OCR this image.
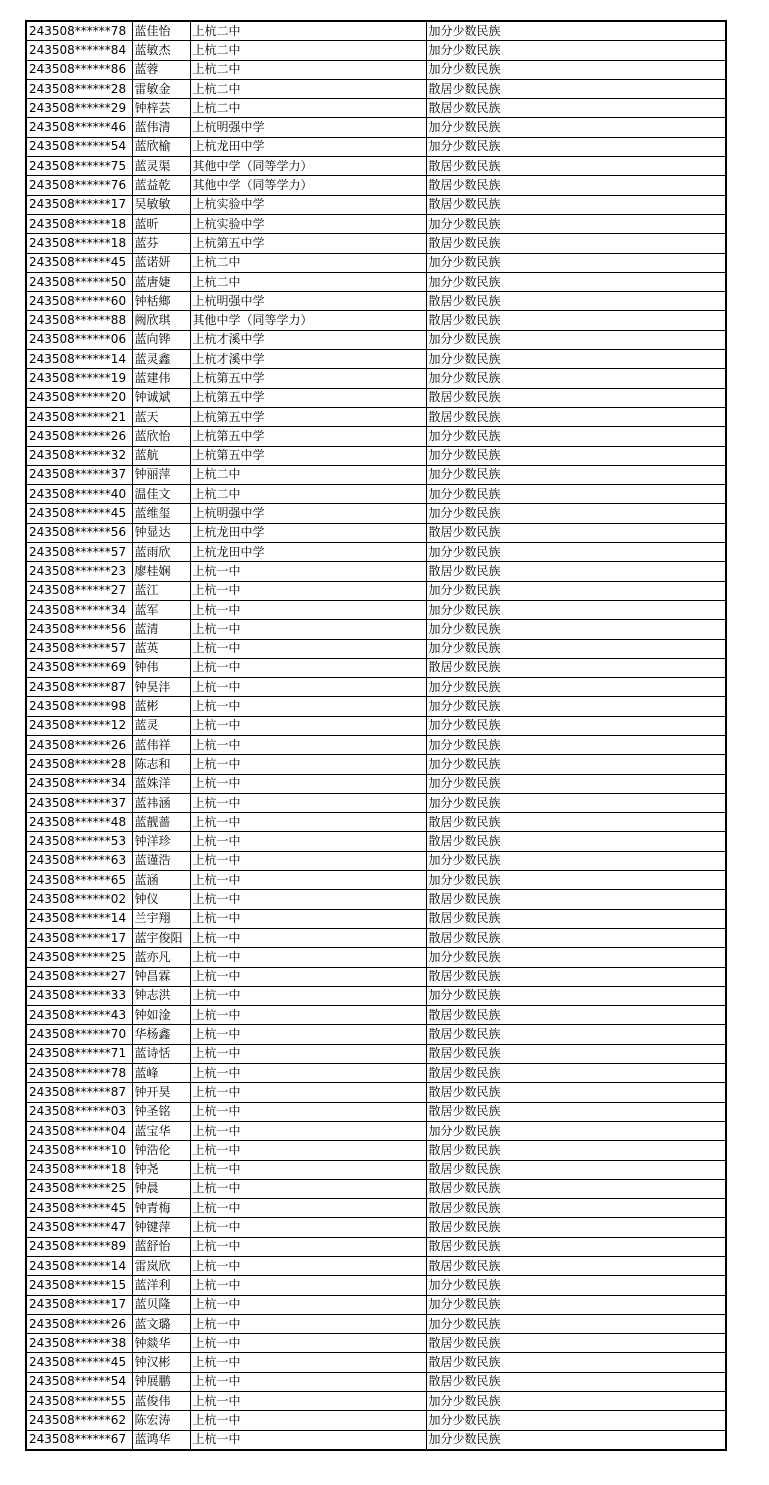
243508******78	蓝佳怡	上杭二中	加分少数民族
243508******84	蓝敏杰	上杭二中	加分少数民族
243508******86	蓝蓉	上杭二中	加分少数民族
243508******28	雷敏金	上杭二中	散居少数民族
243508******29	钟梓芸	上杭二中	散居少数民族
243508******46	蓝伟清	上杭明强中学	加分少数民族
243508******54	蓝欣榆	上杭龙田中学	加分少数民族
243508******75	蓝灵渠	其他中学（同等学力）	散居少数民族
243508******76	蓝益乾	其他中学（同等学力）	散居少数民族
243508******17	吴敏敏	上杭实验中学	散居少数民族
243508******18	蓝昕	上杭实验中学	加分少数民族
243508******18	蓝芬	上杭第五中学	散居少数民族
243508******45	蓝诺妍	上杭二中	加分少数民族
243508******50	蓝唐婕	上杭二中	加分少数民族
243508******60	钟栝鄉	上杭明强中学	散居少数民族
243508******88	阙欣琪	其他中学（同等学力）	散居少数民族
243508******06	蓝向铧	上杭才溪中学	加分少数民族
243508******14	蓝灵鑫	上杭才溪中学	加分少数民族
243508******19	蓝建伟	上杭第五中学	加分少数民族
243508******20	钟诚斌	上杭第五中学	散居少数民族
243508******21	蓝天	上杭第五中学	散居少数民族
243508******26	蓝欣怡	上杭第五中学	加分少数民族
243508******32	蓝航	上杭第五中学	加分少数民族
243508******37	钟丽萍	上杭二中	加分少数民族
243508******40	温佳文	上杭二中	加分少数民族
243508******45	蓝维玺	上杭明强中学	加分少数民族
243508******56	钟显达	上杭龙田中学	散居少数民族
243508******57	蓝雨欣	上杭龙田中学	加分少数民族
243508******23	廖桂娴	上杭一中	散居少数民族
243508******27	蓝江	上杭一中	加分少数民族
243508******34	蓝军	上杭一中	加分少数民族
243508******56	蓝清	上杭一中	加分少数民族
243508******57	蓝英	上杭一中	加分少数民族
243508******69	钟伟	上杭一中	散居少数民族
243508******87	钟昊沣	上杭一中	加分少数民族
243508******98	蓝彬	上杭一中	加分少数民族
243508******12	蓝灵	上杭一中	加分少数民族
243508******26	蓝伟祥	上杭一中	加分少数民族
243508******28	陈志和	上杭一中	加分少数民族
243508******34	蓝姝洋	上杭一中	加分少数民族
243508******37	蓝祎涵	上杭一中	加分少数民族
243508******48	蓝靓蔷	上杭一中	散居少数民族
243508******53	钟洋珍	上杭一中	散居少数民族
243508******63	蓝谨浩	上杭一中	加分少数民族
243508******65	蓝涵	上杭一中	加分少数民族
243508******02	钟仪	上杭一中	散居少数民族
243508******14	兰宇翔	上杭一中	散居少数民族
243508******17	蓝宇俊阳	上杭一中	散居少数民族
243508******25	蓝亦凡	上杭一中	加分少数民族
243508******27	钟昌霖	上杭一中	散居少数民族
243508******33	钟志洪	上杭一中	加分少数民族
243508******43	钟如淦	上杭一中	散居少数民族
243508******70	华杨鑫	上杭一中	散居少数民族
243508******71	蓝诗恬	上杭一中	散居少数民族
243508******78	蓝峰	上杭一中	散居少数民族
243508******87	钟开昊	上杭一中	散居少数民族
243508******03	钟圣铭	上杭一中	散居少数民族
243508******04	蓝宝华	上杭一中	加分少数民族
243508******10	钟浩伦	上杭一中	散居少数民族
243508******18	钟尧	上杭一中	散居少数民族
243508******25	钟晨	上杭一中	散居少数民族
243508******45	钟青梅	上杭一中	散居少数民族
243508******47	钟键萍	上杭一中	散居少数民族
243508******89	蓝舒怡	上杭一中	散居少数民族
243508******14	雷岚欣	上杭一中	散居少数民族
243508******15	蓝洋利	上杭一中	加分少数民族
243508******17	蓝贝隆	上杭一中	加分少数民族
243508******26	蓝文璐	上杭一中	加分少数民族
243508******38	钟燚华	上杭一中	散居少数民族
243508******45	钟汉彬	上杭一中	散居少数民族
243508******54	钟展鹏	上杭一中	散居少数民族
243508******55	蓝俊伟	上杭一中	加分少数民族
243508******62	陈宏涛	上杭一中	加分少数民族
243508******67	蓝鸿华	上杭一中	加分少数民族
